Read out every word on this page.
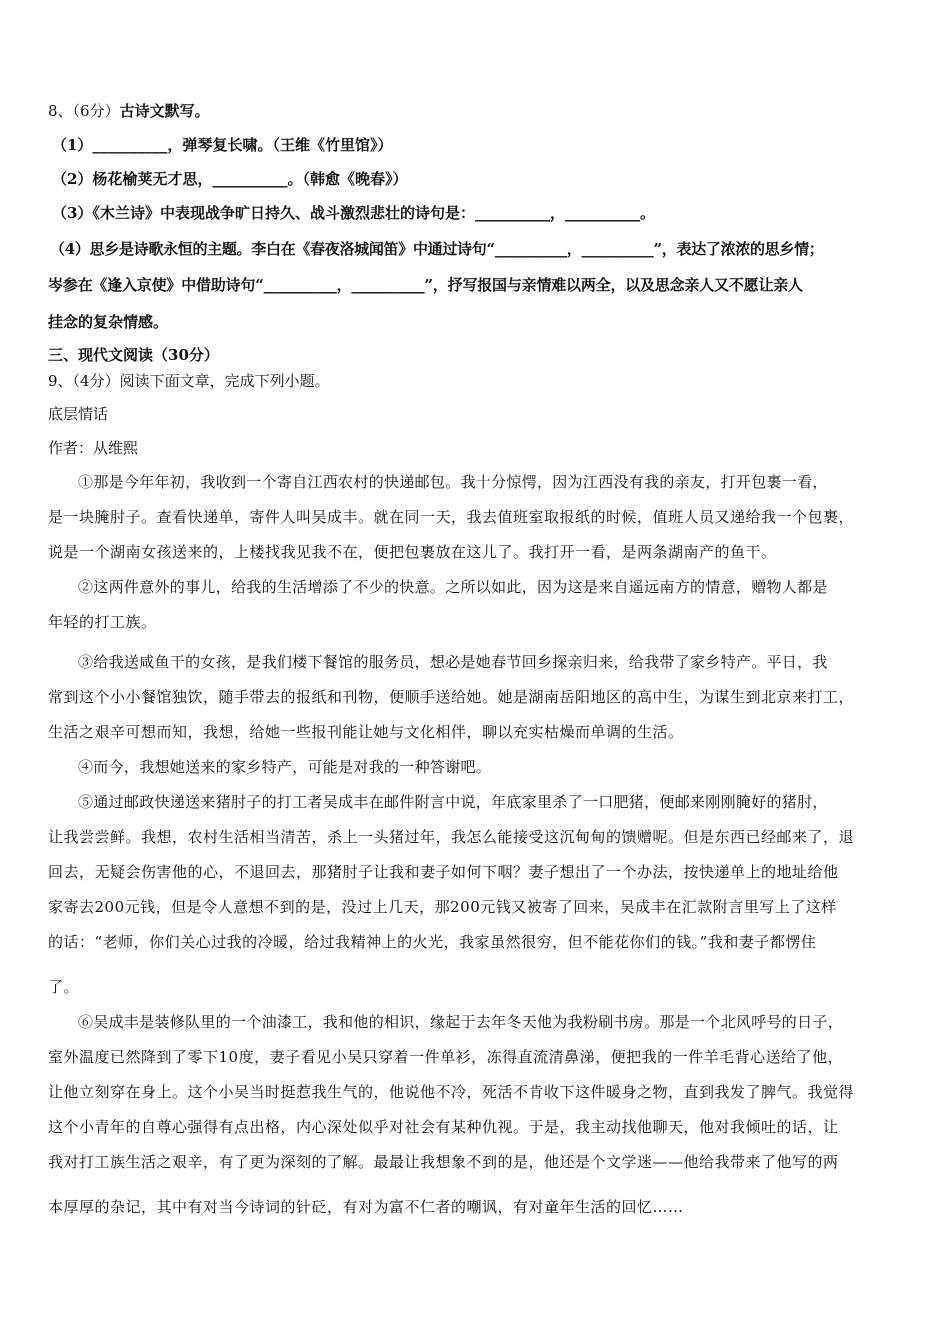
8、（6分）古诗文默写。
（1）__________，弹琴复长啸。（王维《竹里馆》）
（2）杨花榆荚无才思，__________。（韩愈《晚春》）
（3）《木兰诗》中表现战争旷日持久、战斗激烈悲壮的诗句是：__________，__________。
（4）思乡是诗歌永恒的主题。李白在《春夜洛城闻笛》中通过诗句“__________，__________”，表达了浓浓的思乡情；
岑参在《逢入京使》中借助诗句“__________，__________”，抒写报国与亲情难以两全，以及思念亲人又不愿让亲人
挂念的复杂情感。
三、现代文阅读（30分）
9、（4分）阅读下面文章，完成下列小题。
底层情话
作者：从维熙
①那是今年年初，我收到一个寄自江西农村的快递邮包。我十分惊愕，因为江西没有我的亲友，打开包裹一看，
是一块腌肘子。查看快递单，寄件人叫吴成丰。就在同一天，我去值班室取报纸的时候，值班人员又递给我一个包裹，
说是一个湖南女孩送来的，上楼找我见我不在，便把包裹放在这儿了。我打开一看，是两条湖南产的鱼干。
②这两件意外的事儿，给我的生活增添了不少的快意。之所以如此，因为这是来自遥远南方的情意，赠物人都是
年轻的打工族。
③给我送咸鱼干的女孩，是我们楼下餐馆的服务员，想必是她春节回乡探亲归来，给我带了家乡特产。平日，我
常到这个小小餐馆独饮，随手带去的报纸和刊物，便顺手送给她。她是湖南岳阳地区的高中生，为谋生到北京来打工，
生活之艰辛可想而知，我想，给她一些报刊能让她与文化相伴，聊以充实枯燥而单调的生活。
④而今，我想她送来的家乡特产，可能是对我的一种答谢吧。
⑤通过邮政快递送来猪肘子的打工者吴成丰在邮件附言中说，年底家里杀了一口肥猪，便邮来刚刚腌好的猪肘，
让我尝尝鲜。我想，农村生活相当清苦，杀上一头猪过年，我怎么能接受这沉甸甸的馈赠呢。但是东西已经邮来了，退
回去，无疑会伤害他的心，不退回去，那猪肘子让我和妻子如何下咽？妻子想出了一个办法，按快递单上的地址给他
家寄去200元钱，但是令人意想不到的是，没过上几天，那200元钱又被寄了回来，吴成丰在汇款附言里写上了这样
的话：“老师，你们关心过我的冷暖，给过我精神上的火光，我家虽然很穷，但不能花你们的钱。”我和妻子都愣住
了。
⑥吴成丰是装修队里的一个油漆工，我和他的相识，缘起于去年冬天他为我粉刷书房。那是一个北风呼号的日子，
室外温度已然降到了零下10度，妻子看见小吴只穿着一件单衫，冻得直流清鼻涕，便把我的一件羊毛背心送给了他，
让他立刻穿在身上。这个小吴当时挺惹我生气的，他说他不冷，死活不肯收下这件暖身之物，直到我发了脾气。我觉得
这个小青年的自尊心强得有点出格，内心深处似乎对社会有某种仇视。于是，我主动找他聊天，他对我倾吐的话，让
我对打工族生活之艰辛，有了更为深刻的了解。最最让我想象不到的是，他还是个文学迷——他给我带来了他写的两
本厚厚的杂记，其中有对当今诗词的针砭，有对为富不仁者的嘲讽，有对童年生活的回忆……
